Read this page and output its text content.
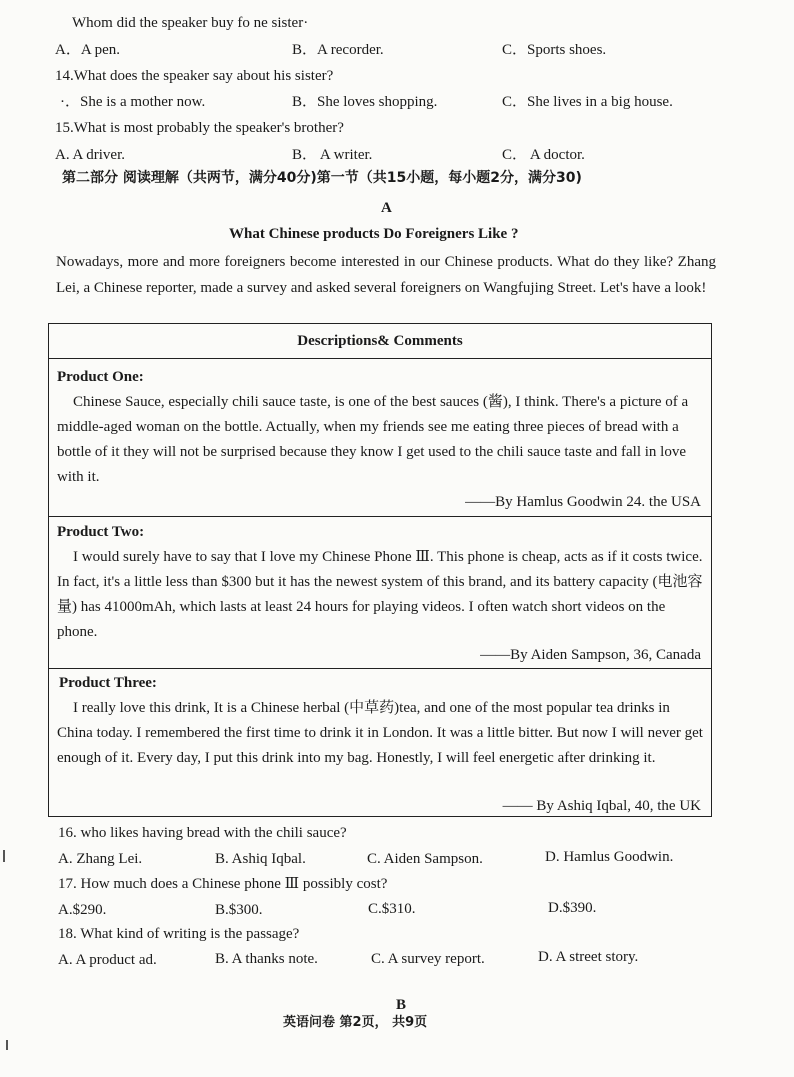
Whom did the speaker buy fo ne sister·
A．A pen.	B．A recorder.	C．Sports shoes.
14.What does the speaker say about his sister?
·．She is a mother now.	B．She loves shopping.	C．She lives in a big house.
15.What is most probably the speaker's brother?
A. A driver.	B． A writer.	C． A doctor.
第二部分 阅读理解（共两节，满分40分)第一节（共15小题，每小题2分，满分30)
A
What Chinese products Do Foreigners Like ?
Nowadays, more and more foreigners become interested in our Chinese products. What do they like? Zhang Lei, a Chinese reporter, made a survey and asked several foreigners on Wangfujing Street. Let's have a look!
Descriptions& Comments
Product One:
Chinese Sauce, especially chili sauce taste, is one of the best sauces (酱), I think. There's a picture of a middle-aged woman on the bottle. Actually, when my friends see me eating three pieces of bread with a bottle of it they will not be surprised because they know I get used to the chili sauce taste and fall in love with it.
——By Hamlus Goodwin 24. the USA
Product Two:
I would surely have to say that I love my Chinese Phone Ⅲ. This phone is cheap, acts as if it costs twice. In fact, it's a little less than $300 but it has the newest system of this brand, and its battery capacity (电池容量) has 41000mAh, which lasts at least 24 hours for playing videos. I often watch short videos on the phone.
——By Aiden Sampson, 36, Canada
Product Three:
I really love this drink, It is a Chinese herbal (中草药)tea, and one of the most popular tea drinks in China today. I remembered the first time to drink it in London. It was a little bitter. But now I will never get enough of it. Every day, I put this drink into my bag. Honestly, I will feel energetic after drinking it.
—— By Ashiq Iqbal, 40, the UK
16. who likes having bread with the chili sauce?
A. Zhang Lei.	B. Ashiq Iqbal.	C. Aiden Sampson.	D. Hamlus Goodwin.
17. How much does a Chinese phone Ⅲ possibly cost?
A.$290.	B.$300.	C.$310.	D.$390.
18. What kind of writing is the passage?
A. A product ad.	B. A thanks note.	C. A survey report.	D. A street story.
B
英语问卷 第2页， 共9页
